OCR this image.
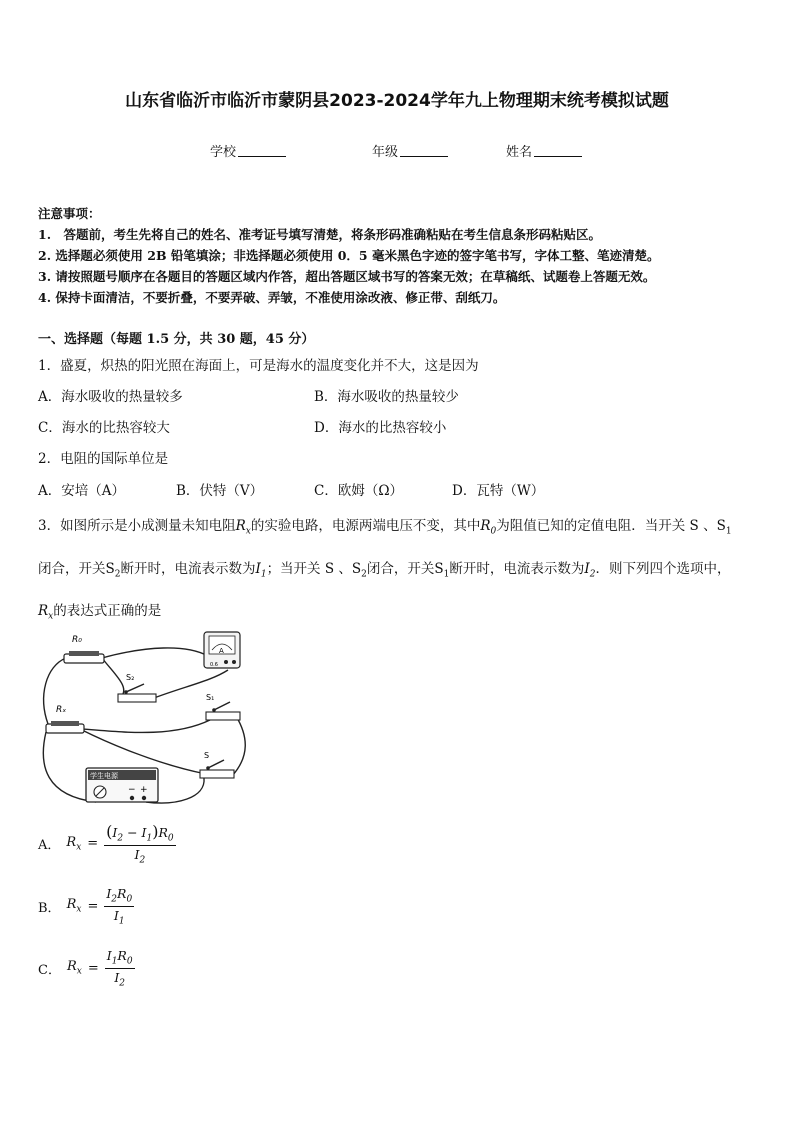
山东省临沂市临沂市蒙阴县2023-2024学年九上物理期末统考模拟试题
学校	年级	姓名
注意事项：
1.　答题前，考生先将自己的姓名、准考证号填写清楚，将条形码准确粘贴在考生信息条形码粘贴区。
2. 选择题必须使用 2B 铅笔填涂；非选择题必须使用 0．5 毫米黑色字迹的签字笔书写，字体工整、笔迹清楚。
3. 请按照题号顺序在各题目的答题区域内作答，超出答题区域书写的答案无效；在草稿纸、试题卷上答题无效。
4. 保持卡面清洁，不要折叠，不要弄破、弄皱，不准使用涂改液、修正带、刮纸刀。
一、选择题（每题 1.5 分，共 30 题，45 分）
1．盛夏，炽热的阳光照在海面上，可是海水的温度变化并不大，这是因为
A．海水吸收的热量较多	B．海水吸收的热量较少
C．海水的比热容较大	D．海水的比热容较小
2．电阻的国际单位是
A．安培（A）	B．伏特（V）	C．欧姆（Ω）	D．瓦特（W）
3．如图所示是小成测量未知电阻$R_x$的实验电路，电源两端电压不变，其中$R_0$为阻值已知的定值电阻．当开关 S 、$S_1$
闭合，开关$S_2$断开时，电流表示数为$I_1$；当开关 S 、$S_2$闭合，开关$S_1$断开时，电流表示数为$I_2$．则下列四个选项中，
$R_x$的表达式正确的是
R₀
Rₓ
A
0.6
S₂
S₁
S
学生电源
− +
A． $R_x = \frac{(I_2 - I_1)R_0}{I_2}$
B． $R_x = \frac{I_2R_0}{I_1}$
C． $R_x = \frac{I_1R_0}{I_2}$
